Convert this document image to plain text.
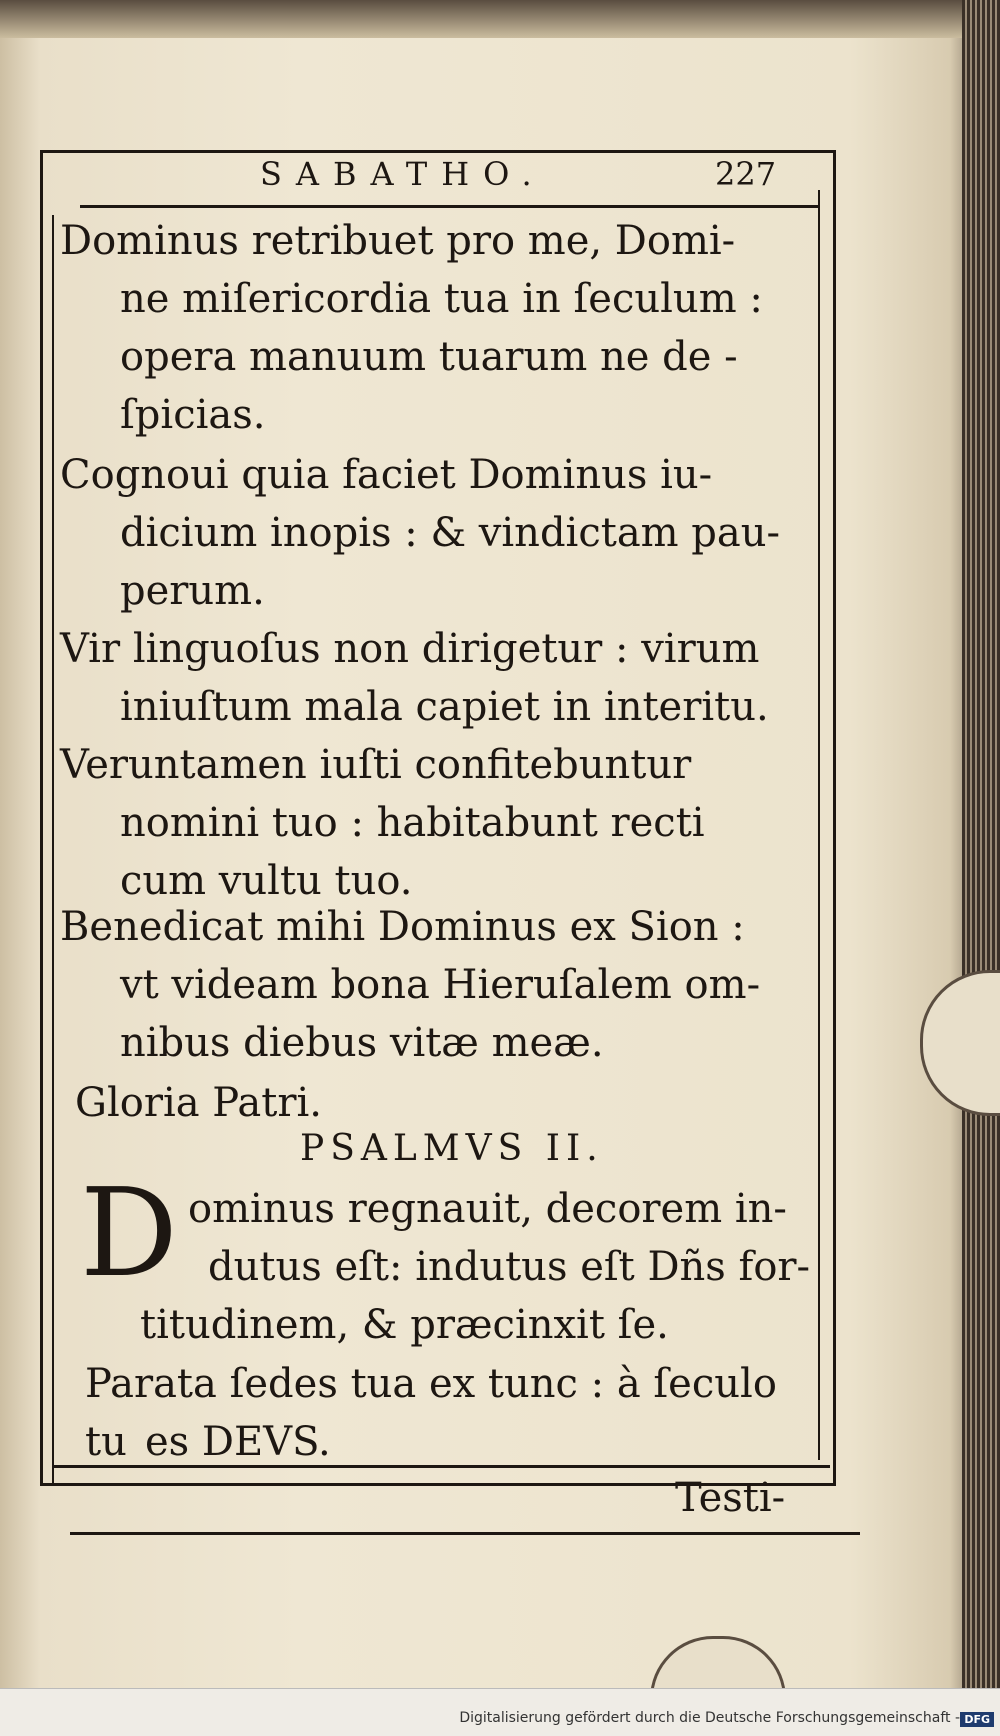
SABATHO.	227

Dominus retribuet pro me, Domi-
ne miſericordia tua in ſeculum :
opera manuum tuarum ne de -
ſpicias.

Cognoui quia faciet Dominus iu-
dicium inopis : & vindictam pau-
perum.

Vir linguoſus non dirigetur : virum
iniuſtum mala capiet in interitu.

Veruntamen iuſti confitebuntur
nomini tuo : habitabunt recti
cum vultu tuo.

Benedicat mihi Dominus ex Sion :
vt videam bona Hieruſalem om-
nibus diebus vitæ meæ.

Gloria Patri.

PSALMVS II.
D ominus regnauit, decorem in-

dutus eſt: indutus eſt Dñs for-

titudinem, & præcinxit ſe.

Parata ſedes tua ex tunc : à ſeculo tu es DEVS.

Testi-
Digitalisierung gefördert durch die Deutsche Forschungsgemeinschaft - DFG
